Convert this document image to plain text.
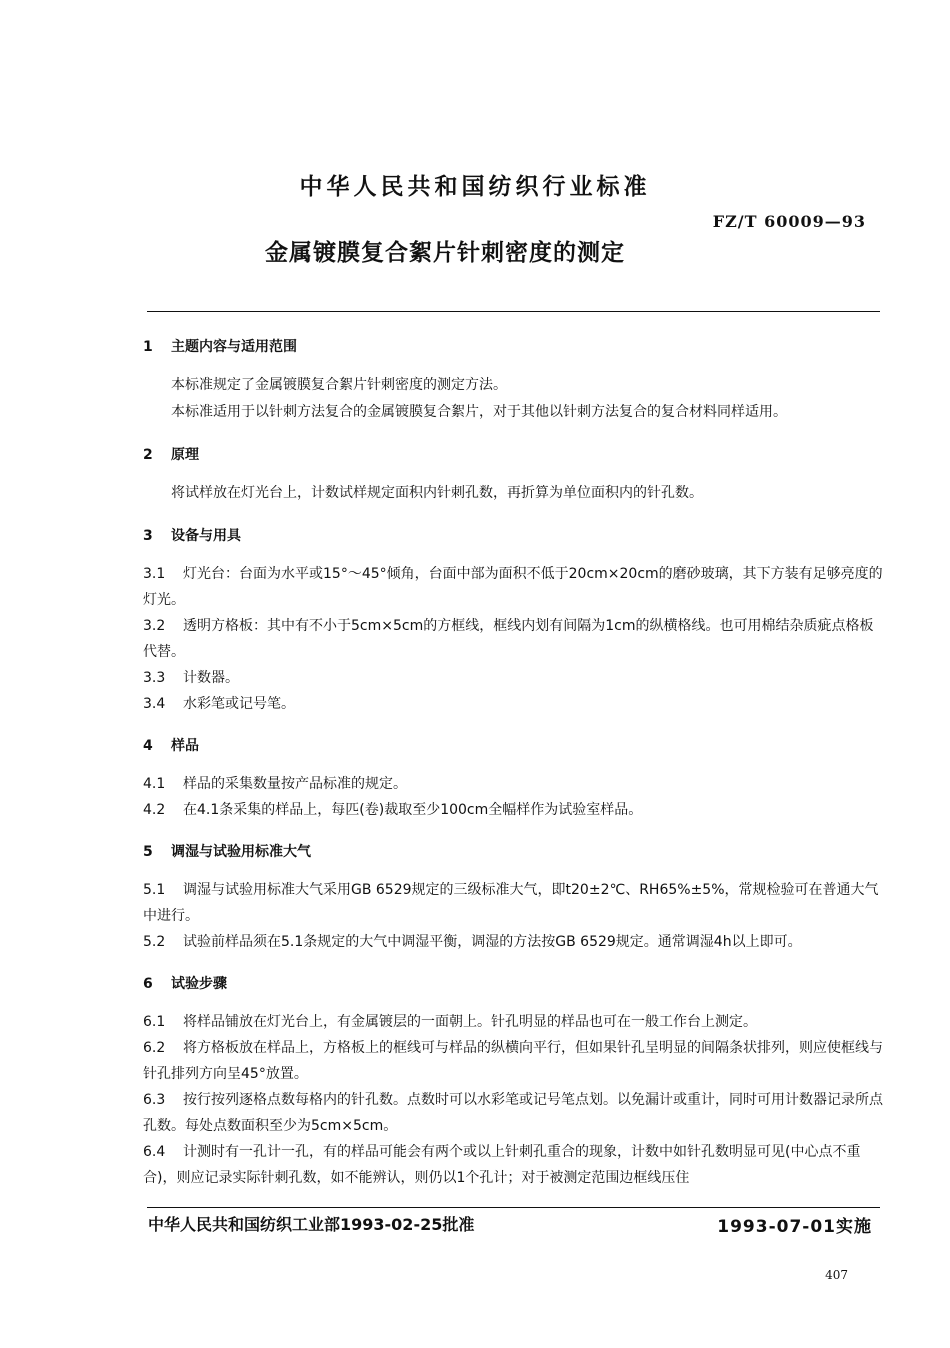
中华人民共和国纺织行业标准
FZ/T 60009—93
金属镀膜复合絮片针刺密度的测定
1 主题内容与适用范围

本标准规定了金属镀膜复合絮片针刺密度的测定方法。

本标准适用于以针刺方法复合的金属镀膜复合絮片，对于其他以针刺方法复合的复合材料同样适用。

2 原理

将试样放在灯光台上，计数试样规定面积内针刺孔数，再折算为单位面积内的针孔数。

3 设备与用具

3.1 灯光台：台面为水平或15°～45°倾角，台面中部为面积不低于20cm×20cm的磨砂玻璃，其下方装有足够亮度的灯光。

3.2 透明方格板：其中有不小于5cm×5cm的方框线，框线内划有间隔为1cm的纵横格线。也可用棉结杂质疵点格板代替。

3.3 计数器。

3.4 水彩笔或记号笔。

4 样品

4.1 样品的采集数量按产品标准的规定。

4.2 在4.1条采集的样品上，每匹(卷)裁取至少100cm全幅样作为试验室样品。

5 调湿与试验用标准大气

5.1 调湿与试验用标准大气采用GB 6529规定的三级标准大气，即t20±2℃、RH65%±5%，常规检验可在普通大气中进行。

5.2 试验前样品须在5.1条规定的大气中调湿平衡，调湿的方法按GB 6529规定。通常调湿4h以上即可。

6 试验步骤

6.1 将样品铺放在灯光台上，有金属镀层的一面朝上。针孔明显的样品也可在一般工作台上测定。

6.2 将方格板放在样品上，方格板上的框线可与样品的纵横向平行，但如果针孔呈明显的间隔条状排列，则应使框线与针孔排列方向呈45°放置。

6.3 按行按列逐格点数每格内的针孔数。点数时可以水彩笔或记号笔点划。以免漏计或重计，同时可用计数器记录所点孔数。每处点数面积至少为5cm×5cm。

6.4 计测时有一孔计一孔，有的样品可能会有两个或以上针刺孔重合的现象，计数中如针孔数明显可见(中心点不重合)，则应记录实际针刺孔数，如不能辨认，则仍以1个孔计；对于被测定范围边框线压住

中华人民共和国纺织工业部1993-02-25批准	1993-07-01实施
407
